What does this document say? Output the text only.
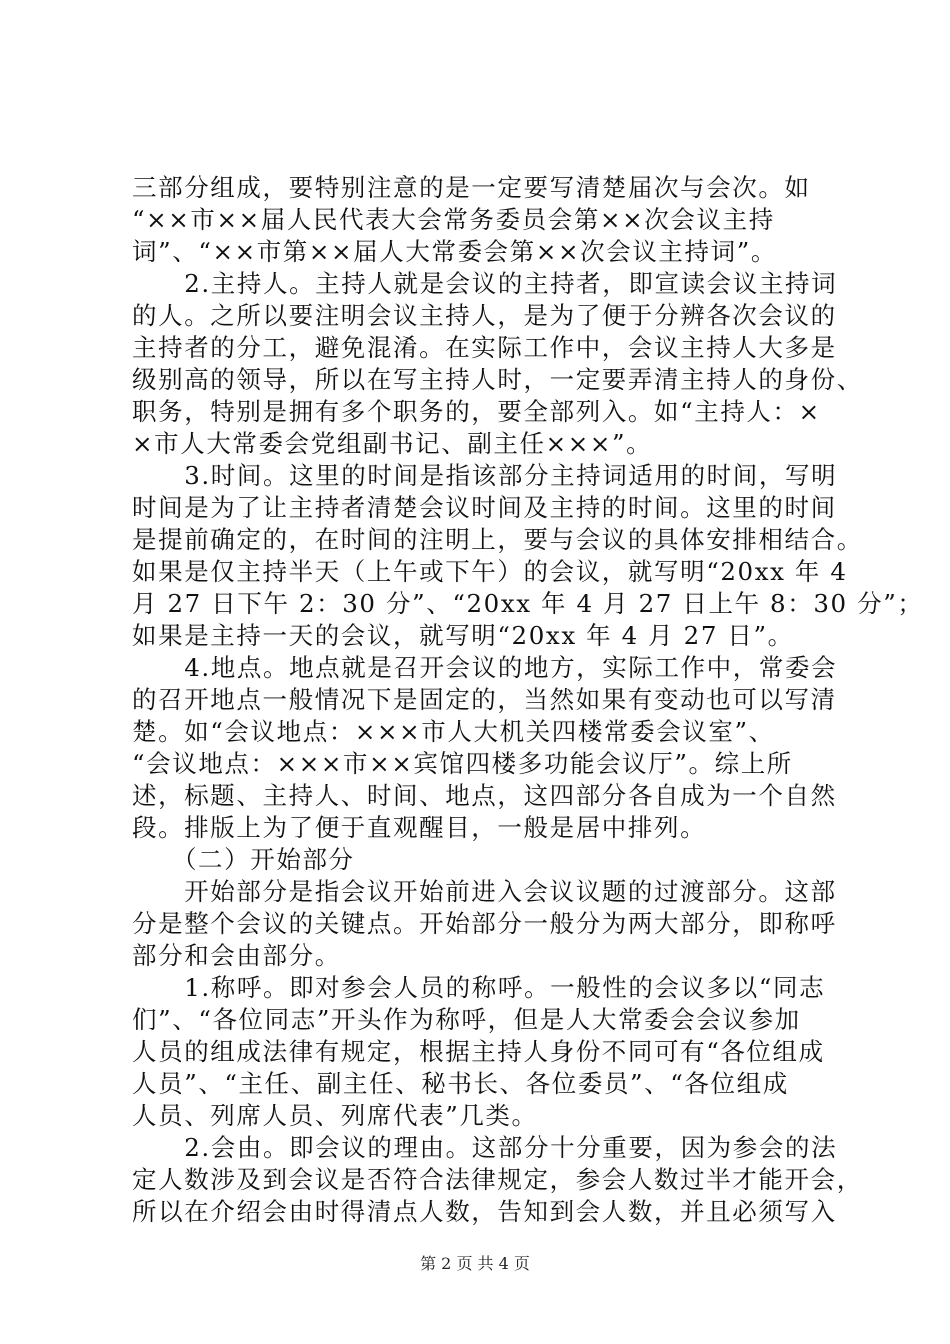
三部分组成，要特别注意的是一定要写清楚届次与会次。如
“××市××届人民代表大会常务委员会第××次会议主持
词”、“××市第××届人大常委会第××次会议主持词”。
　　2.主持人。主持人就是会议的主持者，即宣读会议主持词
的人。之所以要注明会议主持人，是为了便于分辨各次会议的
主持者的分工，避免混淆。在实际工作中，会议主持人大多是
级别高的领导，所以在写主持人时，一定要弄清主持人的身份、
职务，特别是拥有多个职务的，要全部列入。如“主持人：×
×市人大常委会党组副书记、副主任×××”。
　　3.时间。这里的时间是指该部分主持词适用的时间，写明
时间是为了让主持者清楚会议时间及主持的时间。这里的时间
是提前确定的，在时间的注明上，要与会议的具体安排相结合。
如果是仅主持半天（上午或下午）的会议，就写明“20xx 年 4
月 27 日下午 2：30 分”、“20xx 年 4 月 27 日上午 8：30 分”；
如果是主持一天的会议，就写明“20xx 年 4 月 27 日”。
　　4.地点。地点就是召开会议的地方，实际工作中，常委会
的召开地点一般情况下是固定的，当然如果有变动也可以写清
楚。如“会议地点：×××市人大机关四楼常委会议室”、
“会议地点：×××市××宾馆四楼多功能会议厅”。综上所
述，标题、主持人、时间、地点，这四部分各自成为一个自然
段。排版上为了便于直观醒目，一般是居中排列。
　　（二）开始部分
　　开始部分是指会议开始前进入会议议题的过渡部分。这部
分是整个会议的关键点。开始部分一般分为两大部分，即称呼
部分和会由部分。
　　1.称呼。即对参会人员的称呼。一般性的会议多以“同志
们”、“各位同志”开头作为称呼，但是人大常委会会议参加
人员的组成法律有规定，根据主持人身份不同可有“各位组成
人员”、“主任、副主任、秘书长、各位委员”、“各位组成
人员、列席人员、列席代表”几类。
　　2.会由。即会议的理由。这部分十分重要，因为参会的法
定人数涉及到会议是否符合法律规定，参会人数过半才能开会，
所以在介绍会由时得清点人数，告知到会人数，并且必须写入
第 2 页 共 4 页
